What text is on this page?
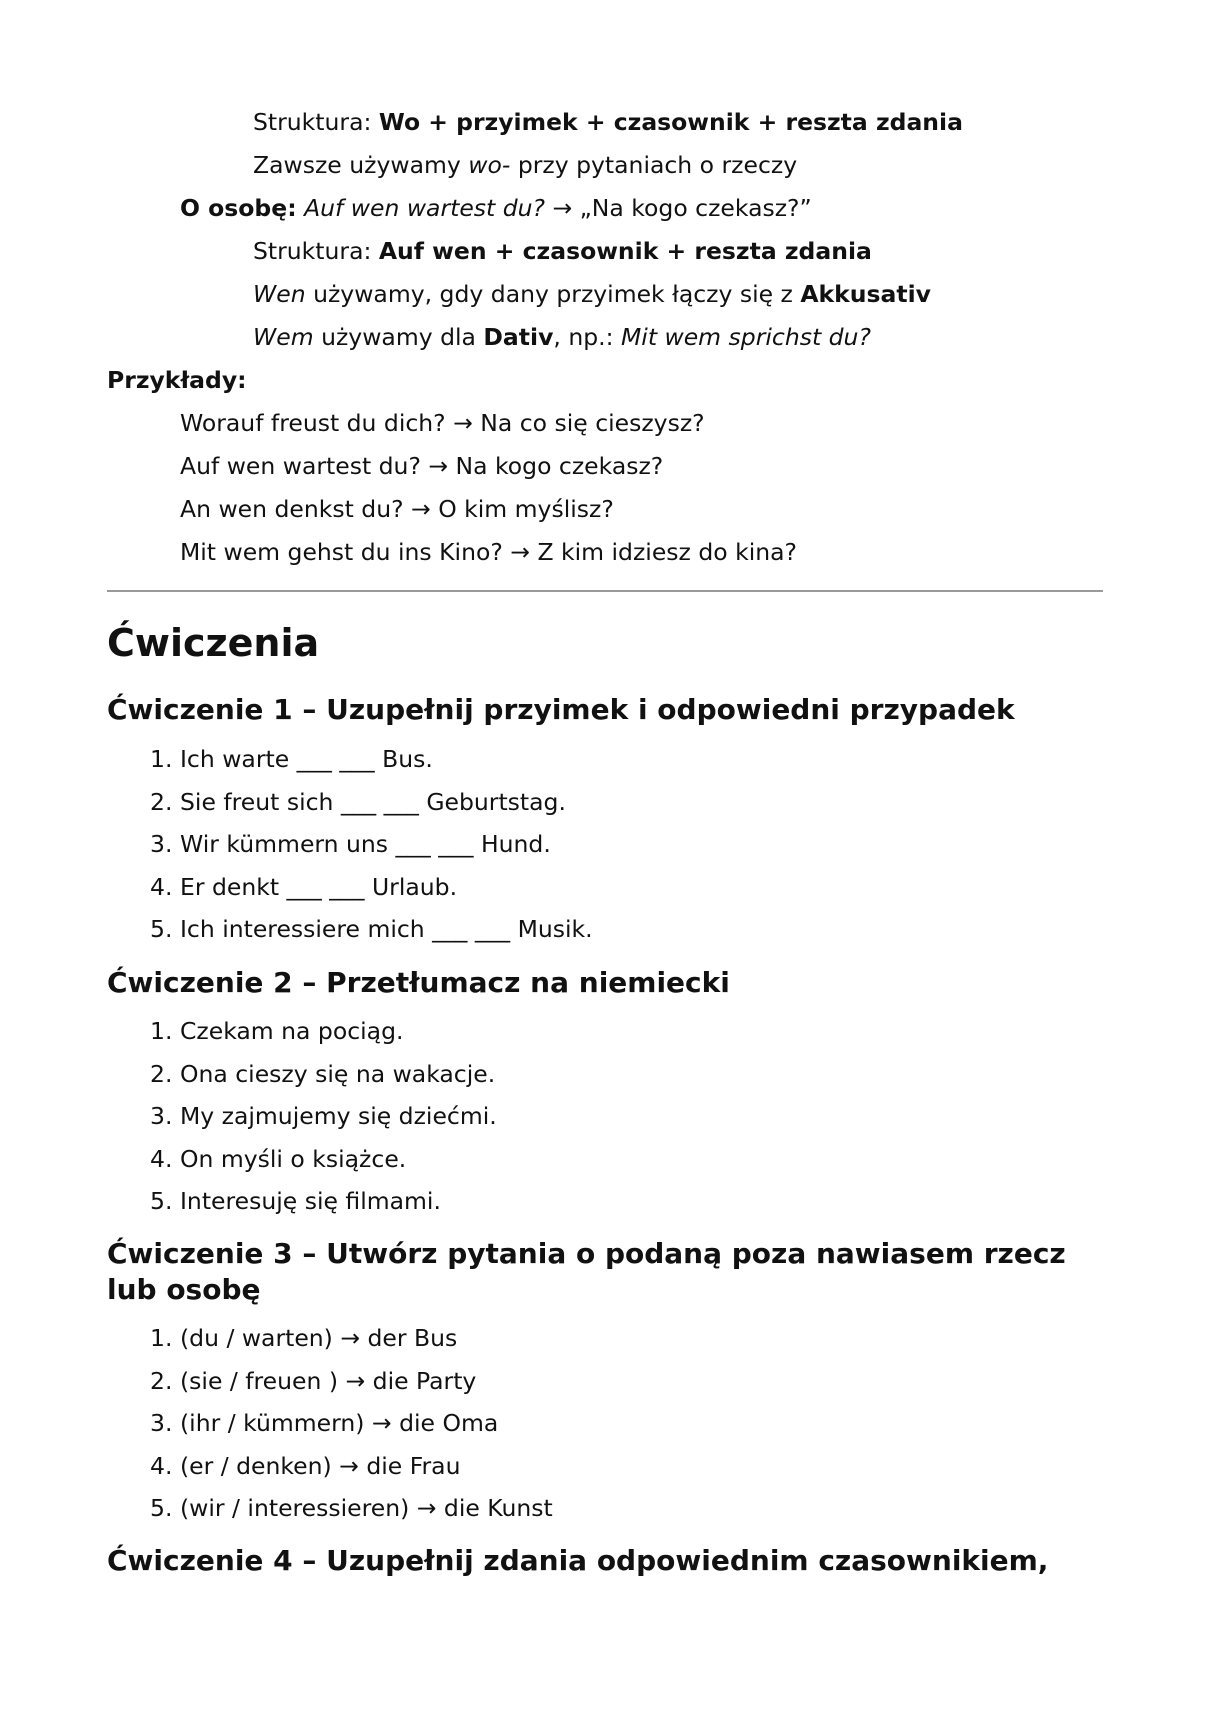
Struktura: Wo + przyimek + czasownik + reszta zdania
Zawsze używamy wo- przy pytaniach o rzeczy
O osobę: Auf wen wartest du? → „Na kogo czekasz?”
Struktura: Auf wen + czasownik + reszta zdania
Wen używamy, gdy dany przyimek łączy się z Akkusativ
Wem używamy dla Dativ, np.: Mit wem sprichst du?
Przykłady:
Worauf freust du dich? → Na co się cieszysz?
Auf wen wartest du? → Na kogo czekasz?
An wen denkst du? → O kim myślisz?
Mit wem gehst du ins Kino? → Z kim idziesz do kina?
Ćwiczenia
Ćwiczenie 1 – Uzupełnij przyimek i odpowiedni przypadek
1. Ich warte ___ ___ Bus.
2. Sie freut sich ___ ___ Geburtstag.
3. Wir kümmern uns ___ ___ Hund.
4. Er denkt ___ ___ Urlaub.
5. Ich interessiere mich ___ ___ Musik.
Ćwiczenie 2 – Przetłumacz na niemiecki
1. Czekam na pociąg.
2. Ona cieszy się na wakacje.
3. My zajmujemy się dziećmi.
4. On myśli o książce.
5. Interesuję się filmami.
Ćwiczenie 3 – Utwórz pytania o podaną poza nawiasem rzecz lub osobę
1. (du / warten) → der Bus
2. (sie / freuen ) → die Party
3. (ihr / kümmern) → die Oma
4. (er / denken) → die Frau
5. (wir / interessieren) → die Kunst
Ćwiczenie 4 – Uzupełnij zdania odpowiednim czasownikiem,
